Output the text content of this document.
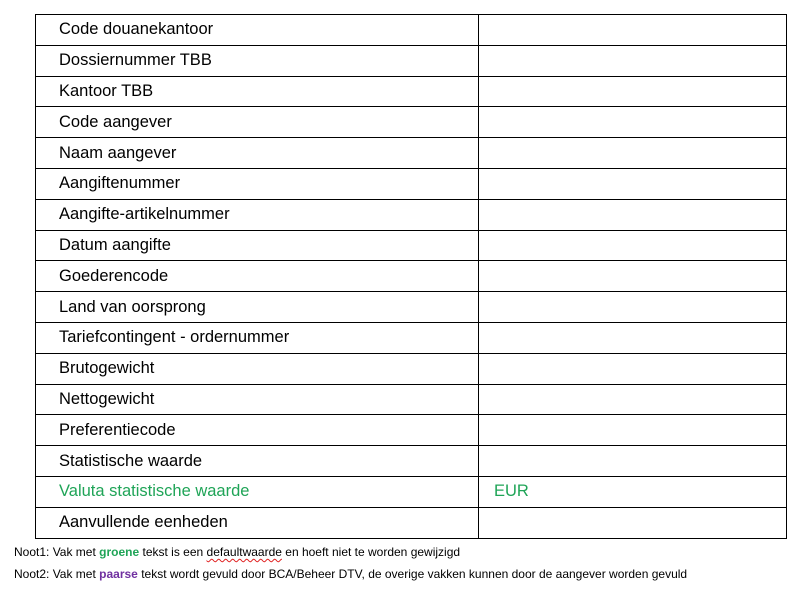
Code douanekantoor	
Dossiernummer TBB	
Kantoor TBB	
Code aangever	
Naam aangever	
Aangiftenummer	
Aangifte-artikelnummer	
Datum aangifte	
Goederencode	
Land van oorsprong	
Tariefcontingent - ordernummer	
Brutogewicht	
Nettogewicht	
Preferentiecode	
Statistische waarde	
Valuta statistische waarde	EUR
Aanvullende eenheden	
Noot1: Vak met groene tekst is een defaultwaarde en hoeft niet te worden gewijzigd
Noot2: Vak met paarse tekst wordt gevuld door BCA/Beheer DTV, de overige vakken kunnen door de aangever worden gevuld
